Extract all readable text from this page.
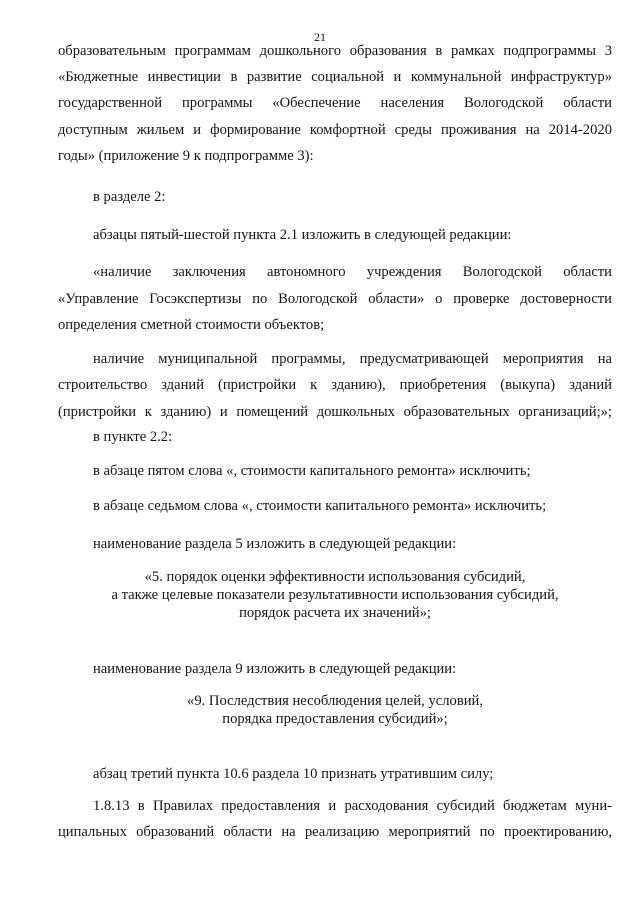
21
образовательным программам дошкольного образования в рамках подпрограммы 3
«Бюджетные инвестиции в развитие социальной и коммунальной инфраструктур»
государственной программы «Обеспечение населения Вологодской области
доступным жильем и формирование комфортной среды проживания на 2014-2020
годы» (приложение 9 к подпрограмме 3):
в разделе 2:
абзацы пятый-шестой пункта 2.1 изложить в следующей редакции:
«наличие заключения автономного учреждения Вологодской области
«Управление Госэкспертизы по Вологодской области» о проверке достоверности
определения сметной стоимости объектов;
наличие муниципальной программы, предусматривающей мероприятия на
строительство зданий (пристройки к зданию), приобретения (выкупа) зданий
(пристройки к зданию) и помещений дошкольных образовательных организаций;»;
в пункте 2.2:
в абзаце пятом слова «, стоимости капитального ремонта» исключить;
в абзаце седьмом слова «, стоимости капитального ремонта» исключить;
наименование раздела 5 изложить в следующей редакции:
«5. порядок оценки эффективности использования субсидий,
а также целевые показатели результативности использования субсидий,
порядок расчета их значений»;
наименование раздела 9 изложить в следующей редакции:
«9. Последствия несоблюдения целей, условий,
порядка предоставления субсидий»;
абзац третий пункта 10.6 раздела 10 признать утратившим силу;
1.8.13 в Правилах предоставления и расходования субсидий бюджетам муни-
ципальных образований области на реализацию мероприятий по проектированию,
